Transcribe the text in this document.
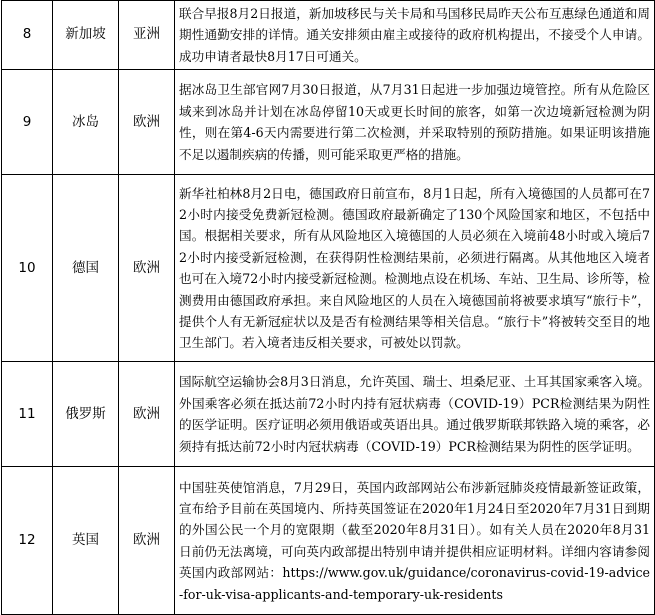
8	新加坡	亚洲	联合早报8月2日报道，新加坡移民与关卡局和马国移民局昨天公布互惠绿色通道和周期性通勤安排的详情。通关安排须由雇主或接待的政府机构提出，不接受个人申请。成功申请者最快8月17日可通关。
9	冰岛	欧洲	据冰岛卫生部官网7月30日报道，从7月31日起进一步加强边境管控。所有从危险区域来到冰岛并计划在冰岛停留10天或更长时间的旅客，如第一次边境新冠检测为阴性，则在第4-6天内需要进行第二次检测，并采取特别的预防措施。如果证明该措施不足以遏制疾病的传播，则可能采取更严格的措施。
10	德国	欧洲	新华社柏林8月2日电，德国政府日前宣布，8月1日起，所有入境德国的人员都可在72小时内接受免费新冠检测。德国政府最新确定了130个风险国家和地区，不包括中国。根据相关要求，所有从风险地区入境德国的人员必须在入境前48小时或入境后72小时内接受新冠检测，在获得阴性检测结果前，必须进行隔离。从其他地区入境者也可在入境72小时内接受新冠检测。检测地点设在机场、车站、卫生局、诊所等，检测费用由德国政府承担。来自风险地区的人员在入境德国前将被要求填写“旅行卡”，提供个人有无新冠症状以及是否有检测结果等相关信息。“旅行卡”将被转交至目的地卫生部门。若入境者违反相关要求，可被处以罚款。
11	俄罗斯	欧洲	国际航空运输协会8月3日消息，允许英国、瑞士、坦桑尼亚、土耳其国家乘客入境。外国乘客必须在抵达前72小时内持有冠状病毒（COVID-19）PCR检测结果为阴性的医学证明。医疗证明必须用俄语或英语出具。通过俄罗斯联邦铁路入境的乘客，必须持有抵达前72小时内冠状病毒（COVID-19）PCR检测结果为阴性的医学证明。
12	英国	欧洲	中国驻英使馆消息，7月29日，英国内政部网站公布涉新冠肺炎疫情最新签证政策，宣布给予目前在英国境内、所持英国签证在2020年1月24日至2020年7月31日到期的外国公民一个月的宽限期（截至2020年8月31日）。如有关人员在2020年8月31日前仍无法离境，可向英内政部提出特别申请并提供相应证明材料。详细内容请参阅英国内政部网站：https://www.gov.uk/guidance/coronavirus-covid-19-advice-for-uk-visa-applicants-and-temporary-uk-residents
